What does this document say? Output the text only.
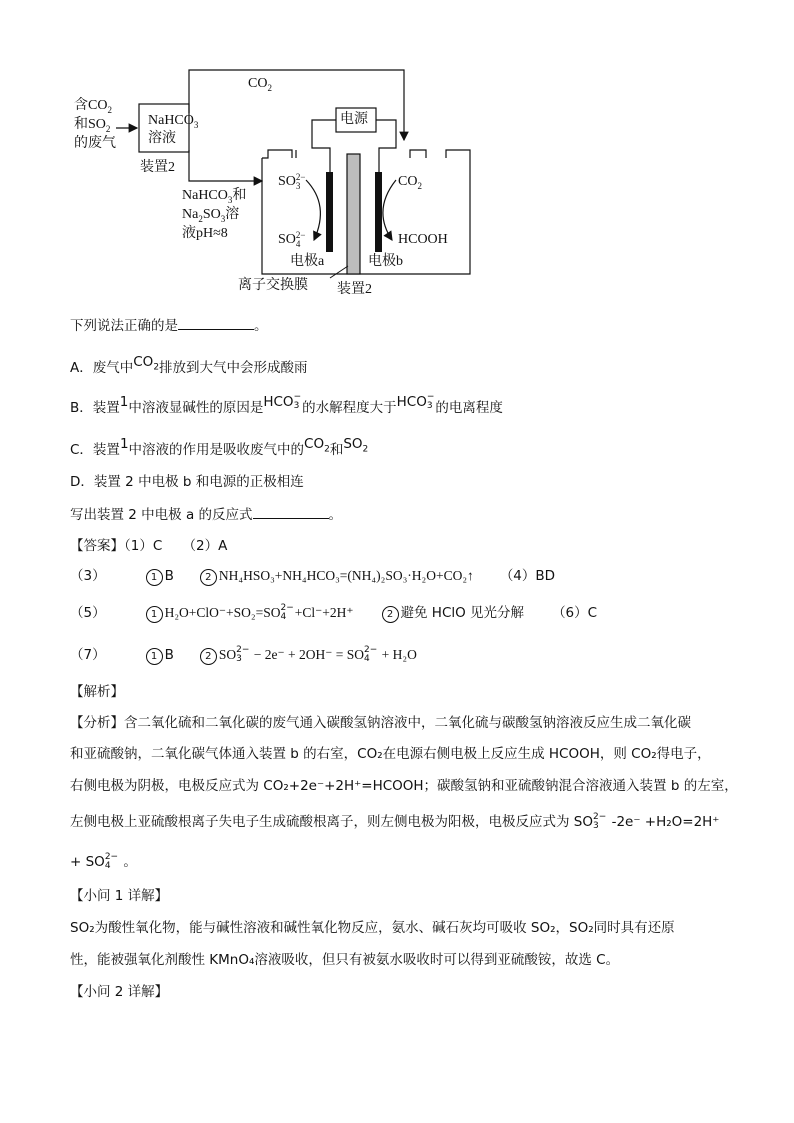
含$CO_2$
和$SO_2$
的废气
NaHCO$_3$
溶液
装置2
$CO_2$
电源
NaHCO$_3$和
$Na_2SO_3$溶
液pH≈8
SO 2−
3
SO 2−
4
$CO_2$
HCOOH
电极a	电极b
离子交换膜 装置2
下列说法正确的是	。
A．废气中$CO_2$排放到大气中会形成酸雨
B．装置1中溶液显碱性的原因是HCO −
3 的水解程度大于HCO −
3 的电离程度
C．装置1中溶液的作用是吸收废气中的$CO_2$和$SO_2$
D．装置 2 中电极 b 和电源的正极相连
写出装置 2 中电极 a 的反应式	。
【答案】（1）C　　（2）A
（3）	1 B	2 NH₄HSO₃+NH₄HCO₃=(NH₄)₂SO₃·H₂O+CO₂↑ （4）BD
（5）	1 H₂O+ClO⁻+SO₂=SO 2−
4 +Cl⁻+2H⁺	2 避免 HClO 见光分解 （6）C
（7）	1 B	2 SO 2−
3 − 2e⁻ + 2OH⁻ = SO 2−
4 + H₂O
【解析】
【分析】含二氧化硫和二氧化碳的废气通入碳酸氢钠溶液中，二氧化硫与碳酸氢钠溶液反应生成二氧化碳
和亚硫酸钠，二氧化碳气体通入装置 b 的右室，CO₂在电源右侧电极上反应生成 HCOOH，则 CO₂得电子，
右侧电极为阴极，电极反应式为 CO₂+2e⁻+2H⁺=HCOOH；碳酸氢钠和亚硫酸钠混合溶液通入装置 b 的左室，
左侧电极上亚硫酸根离子失电子生成硫酸根离子，则左侧电极为阳极，电极反应式为 SO 2−
3 -2e⁻ +H₂O=2H⁺
+ SO 2−
4 。
【小问 1 详解】
SO₂为酸性氧化物，能与碱性溶液和碱性氧化物反应，氨水、碱石灰均可吸收 SO₂，SO₂同时具有还原
性，能被强氧化剂酸性 KMnO₄溶液吸收，但只有被氨水吸收时可以得到亚硫酸铵，故选 C。
【小问 2 详解】
